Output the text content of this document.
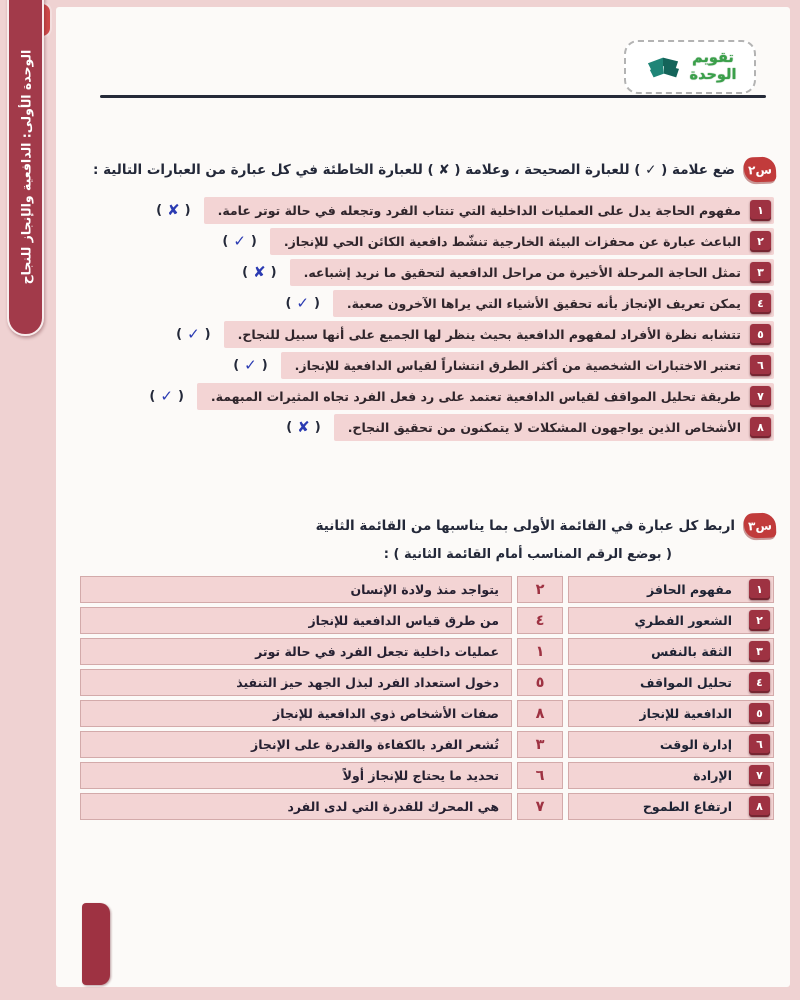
الوحدة الأولى: الدافعية والإنجاز للنجاح	تقويم
الوحدة
س٢
ضع علامة ( ✓ ) للعبارة الصحيحة ، وعلامة ( ✘ ) للعبارة الخاطئة في كل عبارة من العبارات التالية :
١
مفهوم الحاجة يدل على العمليات الداخلية التي تنتاب الفرد وتجعله في حالة توتر عامة.
(
✘
)
٢
الباعث عبارة عن محفزات البيئة الخارجية تنشّط دافعية الكائن الحي للإنجاز.
(
✓
)
٣
تمثل الحاجة المرحلة الأخيرة من مراحل الدافعية لتحقيق ما نريد إشباعه.
(
✘
)
٤
يمكن تعريف الإنجاز بأنه تحقيق الأشياء التي يراها الآخرون صعبة.
(
✓
)
٥
تتشابه نظرة الأفراد لمفهوم الدافعية بحيث ينظر لها الجميع على أنها سبيل للنجاح.
(
✓
)
٦
تعتبر الاختبارات الشخصية من أكثر الطرق انتشاراً لقياس الدافعية للإنجاز.
(
✓
)
٧
طريقة تحليل المواقف لقياس الدافعية تعتمد على رد فعل الفرد تجاه المثيرات المبهمة.
(
✓
)
٨
الأشخاص الذين يواجهون المشكلات لا يتمكنون من تحقيق النجاح.
(
✘
)
س٣
اربط كل عبارة في القائمة الأولى بما يناسبها من القائمة الثانية
( بوضع الرقم المناسب أمام القائمة الثانية ) :
١
مفهوم الحافز
٢
يتواجد منذ ولادة الإنسان
٢
الشعور الفطري
٤
من طرق قياس الدافعية للإنجاز
٣
الثقة بالنفس
١
عمليات داخلية تجعل الفرد في حالة توتر
٤
تحليل المواقف
٥
دخول استعداد الفرد لبذل الجهد حيز التنفيذ
٥
الدافعية للإنجاز
٨
صفات الأشخاص ذوي الدافعية للإنجاز
٦
إدارة الوقت
٣
تُشعر الفرد بالكفاءة والقدرة على الإنجاز
٧
الإرادة
٦
تحديد ما يحتاج للإنجاز أولاً
٨
ارتفاع الطموح
٧
هي المحرك للقدرة التي لدى الفرد
